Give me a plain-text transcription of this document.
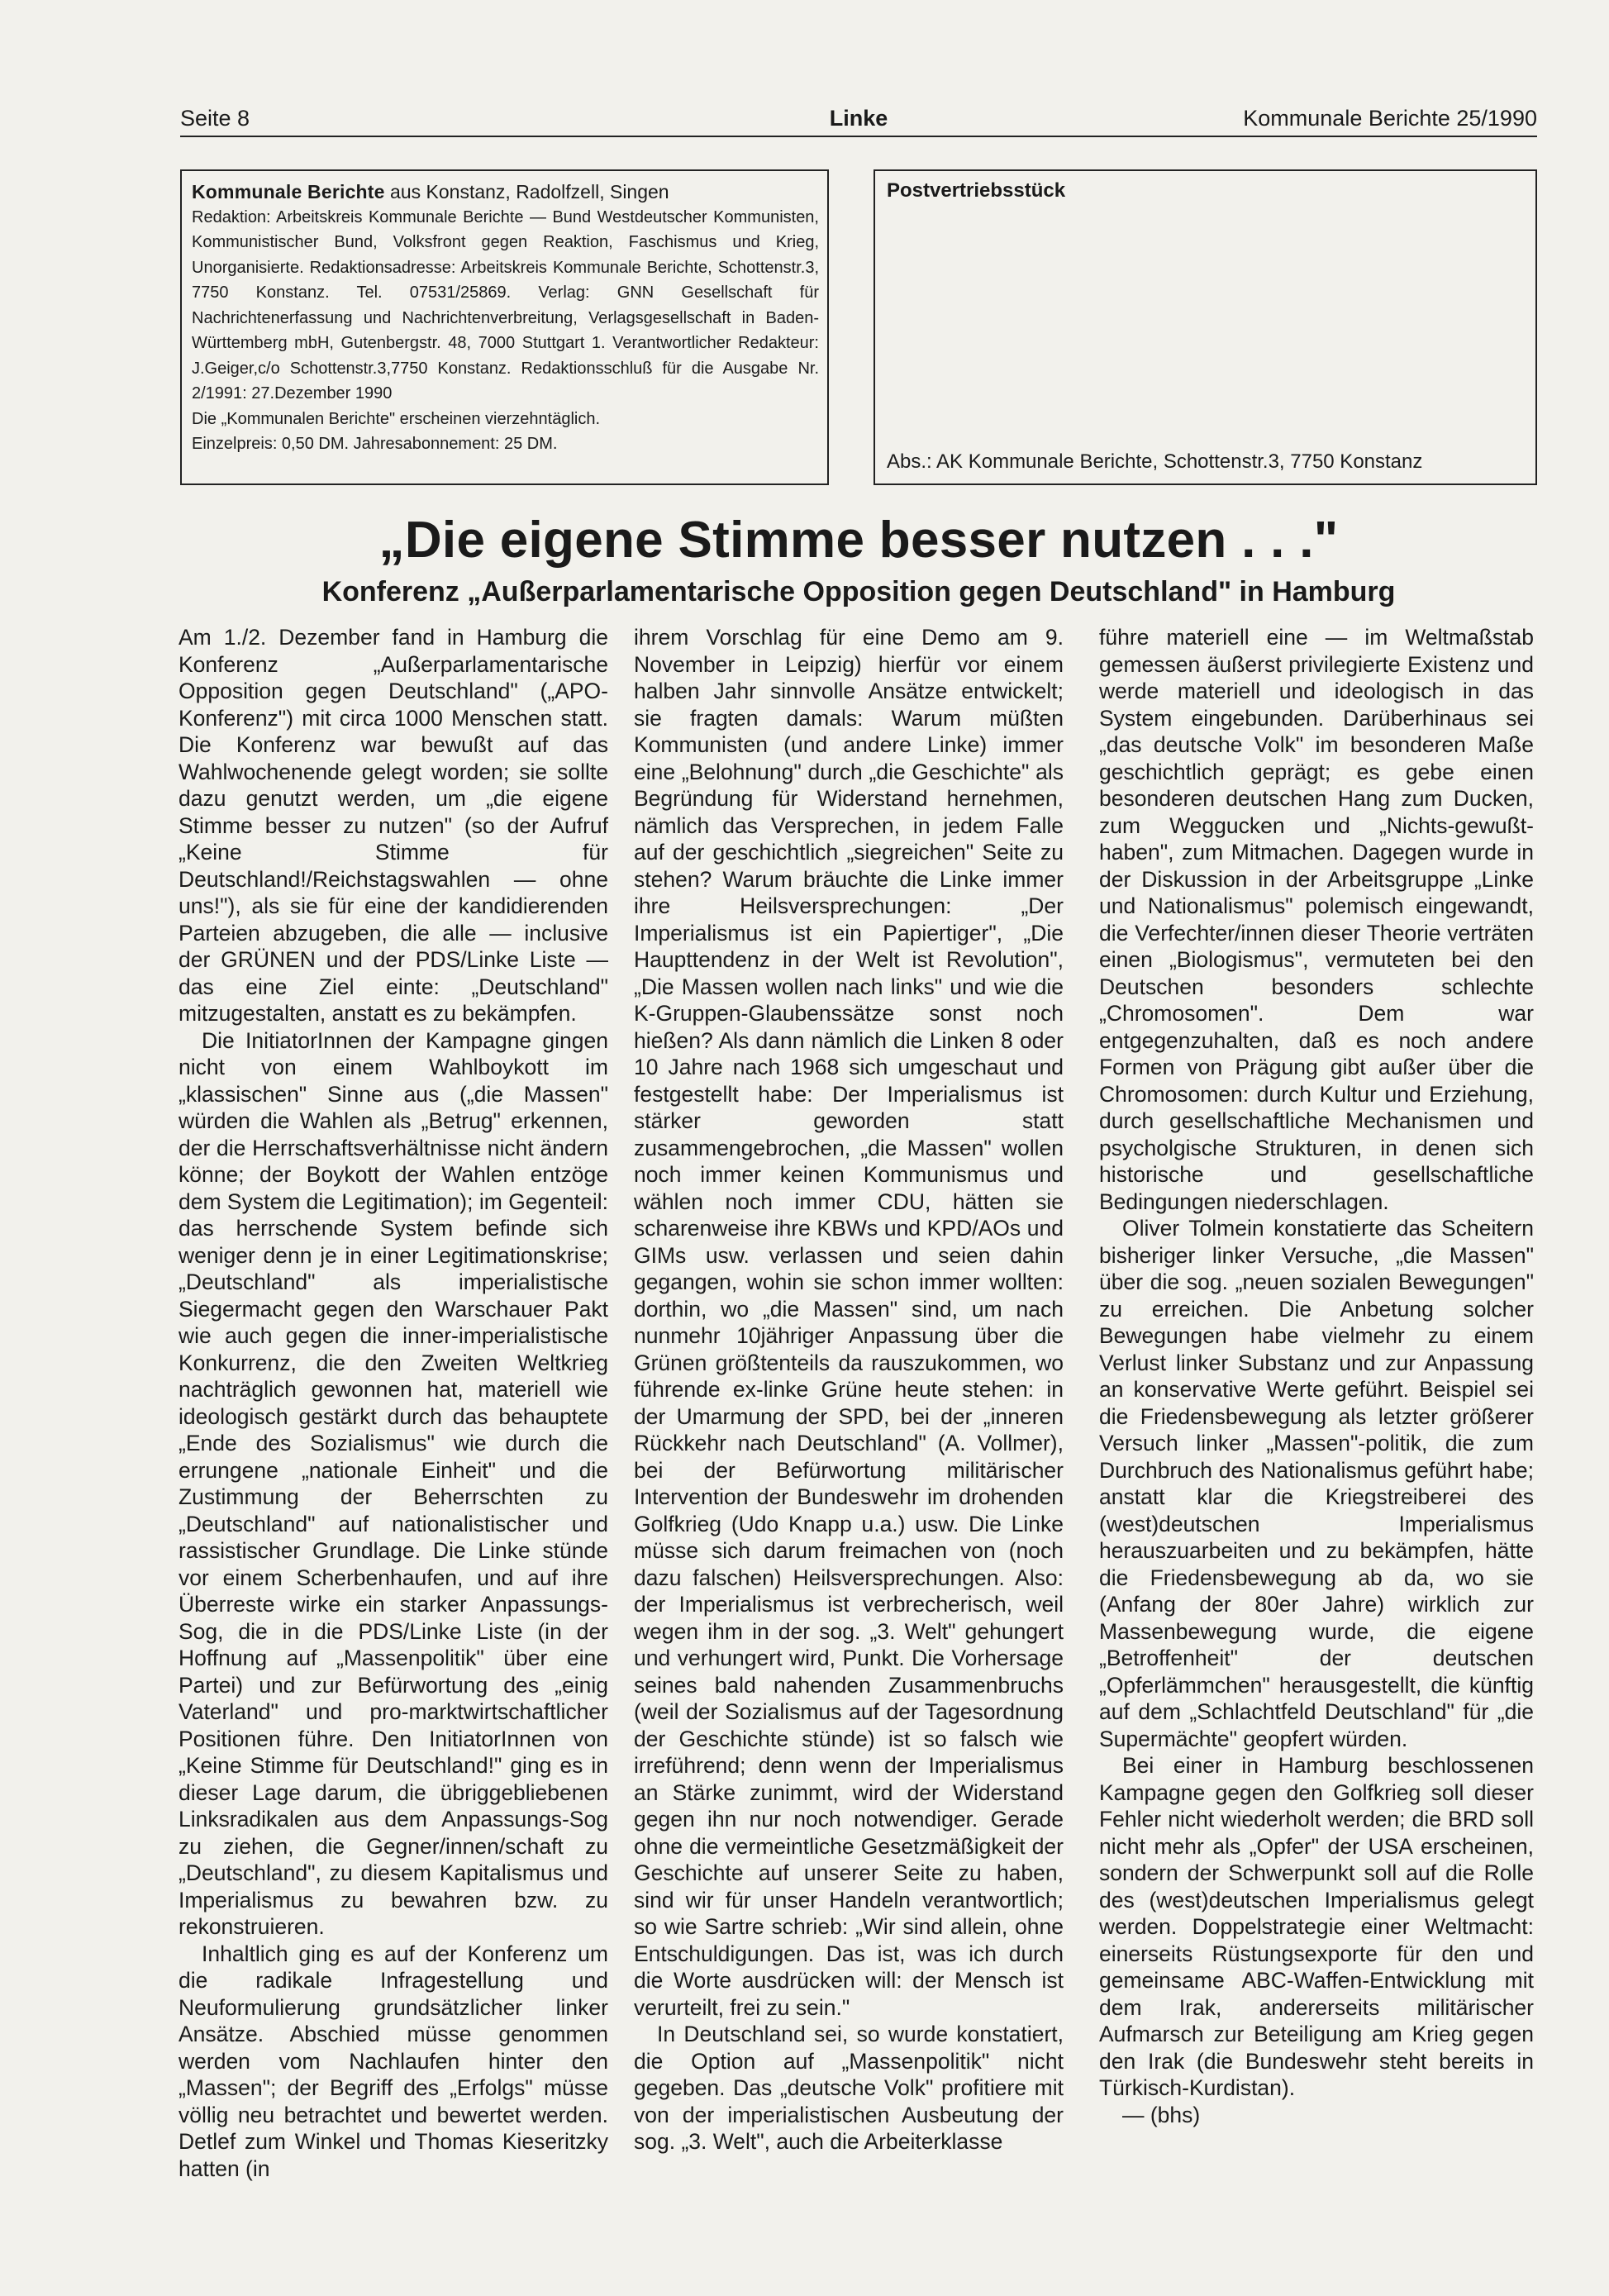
Seite 8	Linke	Kommunale Berichte 25/1990
Kommunale Berichte aus Konstanz, Radolfzell, Singen

Redaktion: Arbeitskreis Kommunale Berichte — Bund Westdeutscher Kommunisten, Kommunistischer Bund, Volksfront gegen Reaktion, Faschismus und Krieg, Unorganisierte. Redaktionsadresse: Arbeitskreis Kommunale Berichte, Schottenstr.3, 7750 Konstanz. Tel. 07531/25869. Verlag: GNN Gesellschaft für Nachrichtenerfassung und Nachrichtenverbreitung, Verlagsgesellschaft in Baden-Württemberg mbH, Gutenbergstr. 48, 7000 Stuttgart 1. Verantwortlicher Redakteur: J.Geiger,c/o Schottenstr.3,7750 Konstanz. Redaktionsschluß für die Ausgabe Nr. 2/1991: 27.Dezember 1990

Die „Kommunalen Berichte" erscheinen vierzehntäglich.

Einzelpreis: 0,50 DM. Jahresabonnement: 25 DM.

Postvertriebsstück
Abs.: AK Kommunale Berichte, Schottenstr.3, 7750 Konstanz
„Die eigene Stimme besser nutzen . . ."
Konferenz „Außerparlamentarische Opposition gegen Deutschland" in Hamburg

Am 1./2. Dezember fand in Hamburg die Konferenz „Außerparlamentarische Opposition gegen Deutschland" („APO-Konferenz") mit circa 1000 Menschen statt. Die Konferenz war bewußt auf das Wahlwochenende gelegt worden; sie sollte dazu genutzt werden, um „die eigene Stimme besser zu nutzen" (so der Aufruf „Keine Stimme für Deutschland!/Reichstagswahlen — ohne uns!"), als sie für eine der kandidierenden Parteien abzugeben, die alle — inclusive der GRÜNEN und der PDS/Linke Liste — das eine Ziel einte: „Deutschland" mitzugestalten, anstatt es zu bekämpfen.

Die InitiatorInnen der Kampagne gingen nicht von einem Wahlboykott im „klassischen" Sinne aus („die Massen" würden die Wahlen als „Betrug" erkennen, der die Herrschaftsverhältnisse nicht ändern könne; der Boykott der Wahlen entzöge dem System die Legitimation); im Gegenteil: das herrschende System befinde sich weniger denn je in einer Legitimationskrise; „Deutschland" als imperialistische Siegermacht gegen den Warschauer Pakt wie auch gegen die inner-imperialistische Konkurrenz, die den Zweiten Weltkrieg nachträglich gewonnen hat, materiell wie ideologisch gestärkt durch das behauptete „Ende des Sozialismus" wie durch die errungene „nationale Einheit" und die Zustimmung der Beherrschten zu „Deutschland" auf nationalistischer und rassistischer Grundlage. Die Linke stünde vor einem Scherbenhaufen, und auf ihre Überreste wirke ein starker Anpassungs-Sog, die in die PDS/Linke Liste (in der Hoffnung auf „Massenpolitik" über eine Partei) und zur Befürwortung des „einig Vaterland" und pro-marktwirtschaftlicher Positionen führe. Den InitiatorInnen von „Keine Stimme für Deutschland!" ging es in dieser Lage darum, die übriggebliebenen Linksradikalen aus dem Anpassungs-Sog zu ziehen, die Gegner/innen/schaft zu „Deutschland", zu diesem Kapitalismus und Imperialismus zu bewahren bzw. zu rekonstruieren.

Inhaltlich ging es auf der Konferenz um die radikale Infragestellung und Neuformulierung grundsätzlicher linker Ansätze. Abschied müsse genommen werden vom Nachlaufen hinter den „Massen"; der Begriff des „Erfolgs" müsse völlig neu betrachtet und bewertet werden. Detlef zum Winkel und Thomas Kieseritzky hatten (in

ihrem Vorschlag für eine Demo am 9. November in Leipzig) hierfür vor einem halben Jahr sinnvolle Ansätze entwickelt; sie fragten damals: Warum müßten Kommunisten (und andere Linke) immer eine „Belohnung" durch „die Geschichte" als Begründung für Widerstand hernehmen, nämlich das Versprechen, in jedem Falle auf der geschichtlich „siegreichen" Seite zu stehen? Warum bräuchte die Linke immer ihre Heilsversprechungen: „Der Imperialismus ist ein Papiertiger", „Die Haupttendenz in der Welt ist Revolution", „Die Massen wollen nach links" und wie die K-Gruppen-Glaubenssätze sonst noch hießen? Als dann nämlich die Linken 8 oder 10 Jahre nach 1968 sich umgeschaut und festgestellt habe: Der Imperialismus ist stärker geworden statt zusammengebrochen, „die Massen" wollen noch immer keinen Kommunismus und wählen noch immer CDU, hätten sie scharenweise ihre KBWs und KPD/AOs und GIMs usw. verlassen und seien dahin gegangen, wohin sie schon immer wollten: dorthin, wo „die Massen" sind, um nach nunmehr 10jähriger Anpassung über die Grünen größtenteils da rauszukommen, wo führende ex-linke Grüne heute stehen: in der Umarmung der SPD, bei der „inneren Rückkehr nach Deutschland" (A. Vollmer), bei der Befürwortung militärischer Intervention der Bundeswehr im drohenden Golfkrieg (Udo Knapp u.a.) usw. Die Linke müsse sich darum freimachen von (noch dazu falschen) Heilsversprechungen. Also: der Imperialismus ist verbrecherisch, weil wegen ihm in der sog. „3. Welt" gehungert und verhungert wird, Punkt. Die Vorhersage seines bald nahenden Zusammenbruchs (weil der Sozialismus auf der Tagesordnung der Geschichte stünde) ist so falsch wie irreführend; denn wenn der Imperialismus an Stärke zunimmt, wird der Widerstand gegen ihn nur noch notwendiger. Gerade ohne die vermeintliche Gesetzmäßigkeit der Geschichte auf unserer Seite zu haben, sind wir für unser Handeln verantwortlich; so wie Sartre schrieb: „Wir sind allein, ohne Entschuldigungen. Das ist, was ich durch die Worte ausdrücken will: der Mensch ist verurteilt, frei zu sein."

In Deutschland sei, so wurde konstatiert, die Option auf „Massenpolitik" nicht gegeben. Das „deutsche Volk" profitiere mit von der imperialistischen Ausbeutung der sog. „3. Welt", auch die Arbeiterklasse

führe materiell eine — im Weltmaßstab gemessen äußerst privilegierte Existenz und werde materiell und ideologisch in das System eingebunden. Darüberhinaus sei „das deutsche Volk" im besonderen Maße geschichtlich geprägt; es gebe einen besonderen deutschen Hang zum Ducken, zum Weggucken und „Nichts-gewußt-haben", zum Mitmachen. Dagegen wurde in der Diskussion in der Arbeitsgruppe „Linke und Nationalismus" polemisch eingewandt, die Verfechter/innen dieser Theorie verträten einen „Biologismus", vermuteten bei den Deutschen besonders schlechte „Chromosomen". Dem war entgegenzuhalten, daß es noch andere Formen von Prägung gibt außer über die Chromosomen: durch Kultur und Erziehung, durch gesellschaftliche Mechanismen und psycholgische Strukturen, in denen sich historische und gesellschaftliche Bedingungen niederschlagen.

Oliver Tolmein konstatierte das Scheitern bisheriger linker Versuche, „die Massen" über die sog. „neuen sozialen Bewegungen" zu erreichen. Die Anbetung solcher Bewegungen habe vielmehr zu einem Verlust linker Substanz und zur Anpassung an konservative Werte geführt. Beispiel sei die Friedensbewegung als letzter größerer Versuch linker „Massen"-politik, die zum Durchbruch des Nationalismus geführt habe; anstatt klar die Kriegstreiberei des (west)deutschen Imperialismus herauszuarbeiten und zu bekämpfen, hätte die Friedensbewegung ab da, wo sie (Anfang der 80er Jahre) wirklich zur Massenbewegung wurde, die eigene „Betroffenheit" der deutschen „Opferlämmchen" herausgestellt, die künftig auf dem „Schlachtfeld Deutschland" für „die Supermächte" geopfert würden.

Bei einer in Hamburg beschlossenen Kampagne gegen den Golfkrieg soll dieser Fehler nicht wiederholt werden; die BRD soll nicht mehr als „Opfer" der USA erscheinen, sondern der Schwerpunkt soll auf die Rolle des (west)deutschen Imperialismus gelegt werden. Doppelstrategie einer Weltmacht: einerseits Rüstungsexporte für den und gemeinsame ABC-Waffen-Entwicklung mit dem Irak, andererseits militärischer Aufmarsch zur Beteiligung am Krieg gegen den Irak (die Bundeswehr steht bereits in Türkisch-Kurdistan).

— (bhs)
